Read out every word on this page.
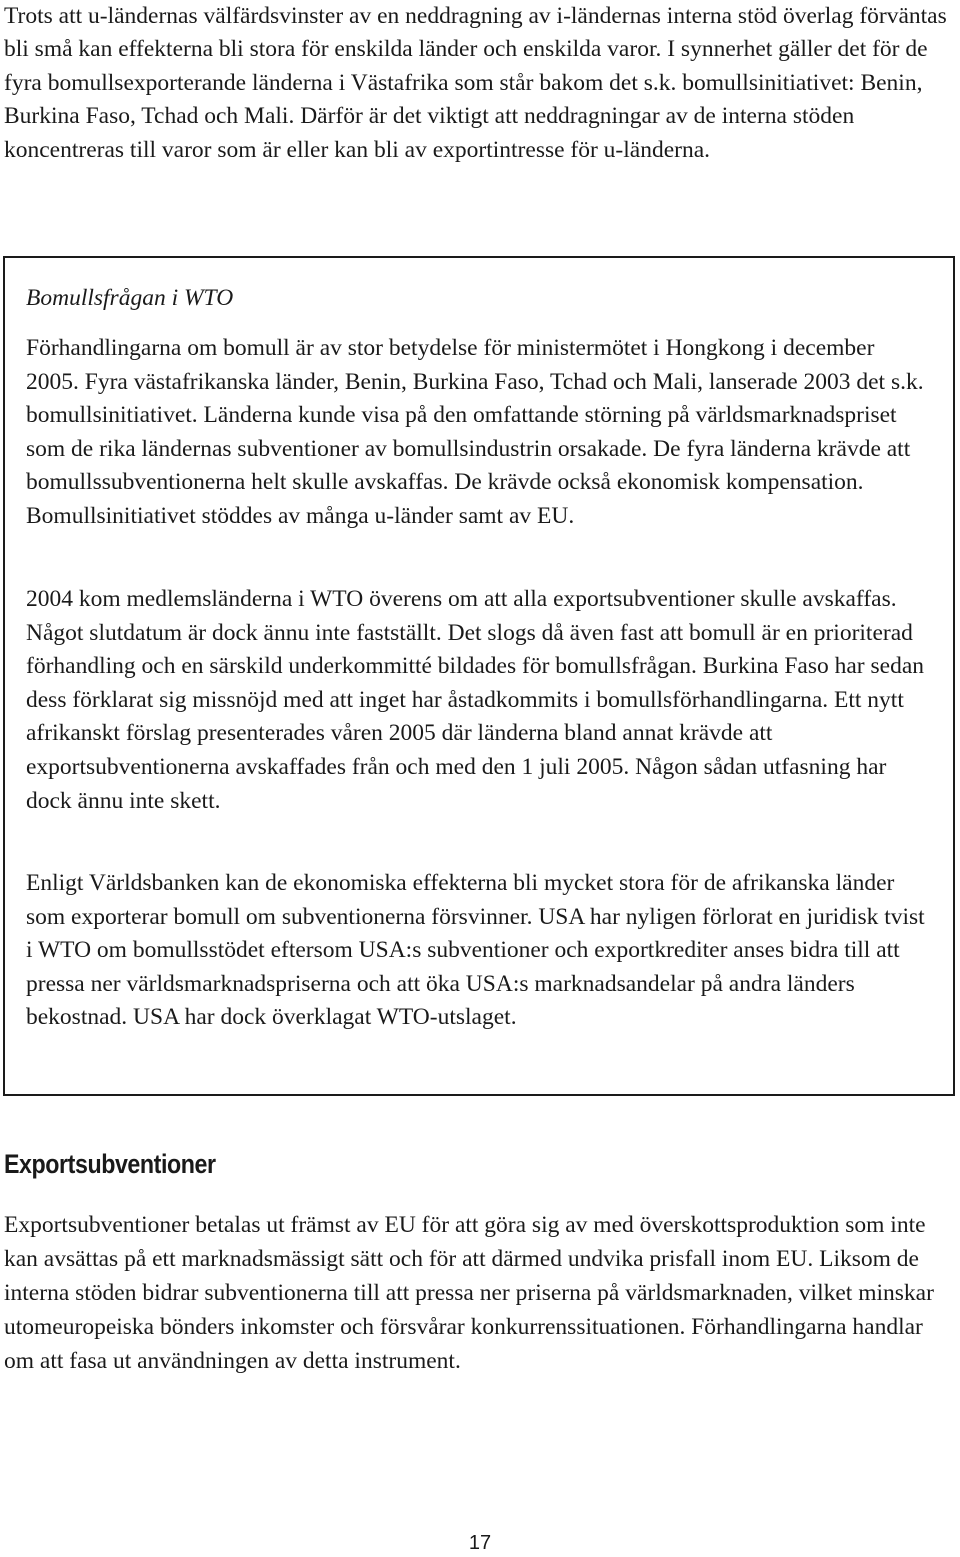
Trots att u-ländernas välfärdsvinster av en neddragning av i-ländernas interna stöd överlag förväntas bli små kan effekterna bli stora för enskilda länder och enskilda varor. I synnerhet gäller det för de fyra bomullsexporterande länderna i Västafrika som står bakom det s.k. bomullsinitiativet: Benin, Burkina Faso, Tchad och Mali. Därför är det viktigt att neddragningar av de interna stöden koncentreras till varor som är eller kan bli av exportintresse för u-länderna.

Bomullsfrågan i WTO

Förhandlingarna om bomull är av stor betydelse för ministermötet i Hongkong i december 2005. Fyra västafrikanska länder, Benin, Burkina Faso, Tchad och Mali, lanserade 2003 det s.k. bomullsinitiativet. Länderna kunde visa på den omfattande störning på världsmarknadspriset som de rika ländernas subventioner av bomullsindustrin orsakade. De fyra länderna krävde att bomullssubventionerna helt skulle avskaffas. De krävde också ekonomisk kompensation. Bomullsinitiativet stöddes av många u-länder samt av EU.

2004 kom medlemsländerna i WTO överens om att alla exportsubventioner skulle avskaffas. Något slutdatum är dock ännu inte fastställt. Det slogs då även fast att bomull är en prioriterad förhandling och en särskild underkommitté bildades för bomullsfrågan. Burkina Faso har sedan dess förklarat sig missnöjd med att inget har åstadkommits i bomullsförhandlingarna. Ett nytt afrikanskt förslag presenterades våren 2005 där länderna bland annat krävde att exportsubventionerna avskaffades från och med den 1 juli 2005. Någon sådan utfasning har dock ännu inte skett.

Enligt Världsbanken kan de ekonomiska effekterna bli mycket stora för de afrikanska länder som exporterar bomull om subventionerna försvinner. USA har nyligen förlorat en juridisk tvist i WTO om bomullsstödet eftersom USA:s subventioner och exportkrediter anses bidra till att pressa ner världsmarknadspriserna och att öka USA:s marknadsandelar på andra länders bekostnad. USA har dock överklagat WTO-utslaget.

Exportsubventioner

Exportsubventioner betalas ut främst av EU för att göra sig av med överskottsproduktion som inte kan avsättas på ett marknadsmässigt sätt och för att därmed undvika prisfall inom EU. Liksom de interna stöden bidrar subventionerna till att pressa ner priserna på världsmarknaden, vilket minskar utomeuropeiska bönders inkomster och försvårar konkurrenssituationen. Förhandlingarna handlar om att fasa ut användningen av detta instrument.

17
